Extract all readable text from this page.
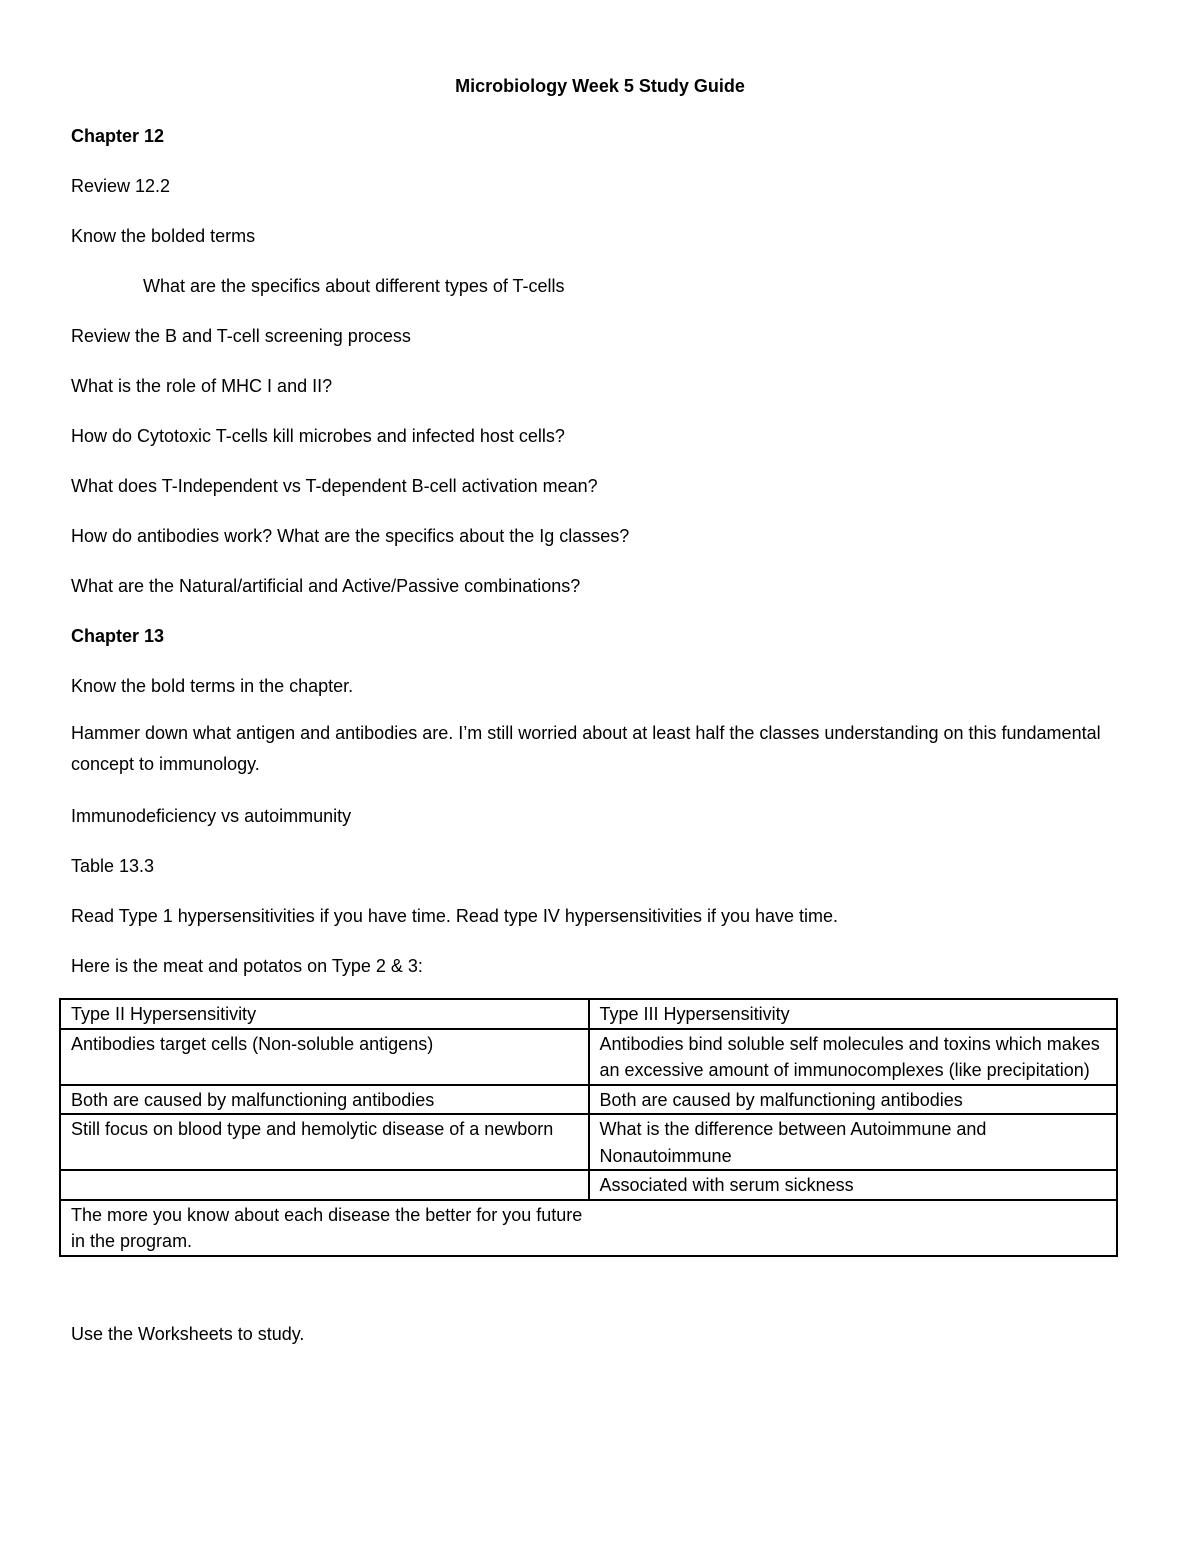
Microbiology Week 5 Study Guide
Chapter 12
Review 12.2
Know the bolded terms
What are the specifics about different types of T-cells
Review the B and T-cell screening process
What is the role of MHC I and II?
How do Cytotoxic T-cells kill microbes and infected host cells?
What does T-Independent vs T-dependent B-cell activation mean?
How do antibodies work? What are the specifics about the Ig classes?
What are the Natural/artificial and Active/Passive combinations?
Chapter 13
Know the bold terms in the chapter.
Hammer down what antigen and antibodies are. I’m still worried about at least half the classes understanding on this fundamental concept to immunology.
Immunodeficiency vs autoimmunity
Table 13.3
Read Type 1 hypersensitivities if you have time. Read type IV hypersensitivities if you have time.
Here is the meat and potatos on Type 2 & 3:
Type II Hypersensitivity	Type III Hypersensitivity
Antibodies target cells (Non-soluble antigens)	Antibodies bind soluble self molecules and toxins which makes an excessive amount of immunocomplexes (like precipitation)
Both are caused by malfunctioning antibodies	Both are caused by malfunctioning antibodies
Still focus on blood type and hemolytic disease of a newborn	What is the difference between Autoimmune and Nonautoimmune
	Associated with serum sickness

The more you know about each disease the better for you future in the program.	
Use the Worksheets to study.
